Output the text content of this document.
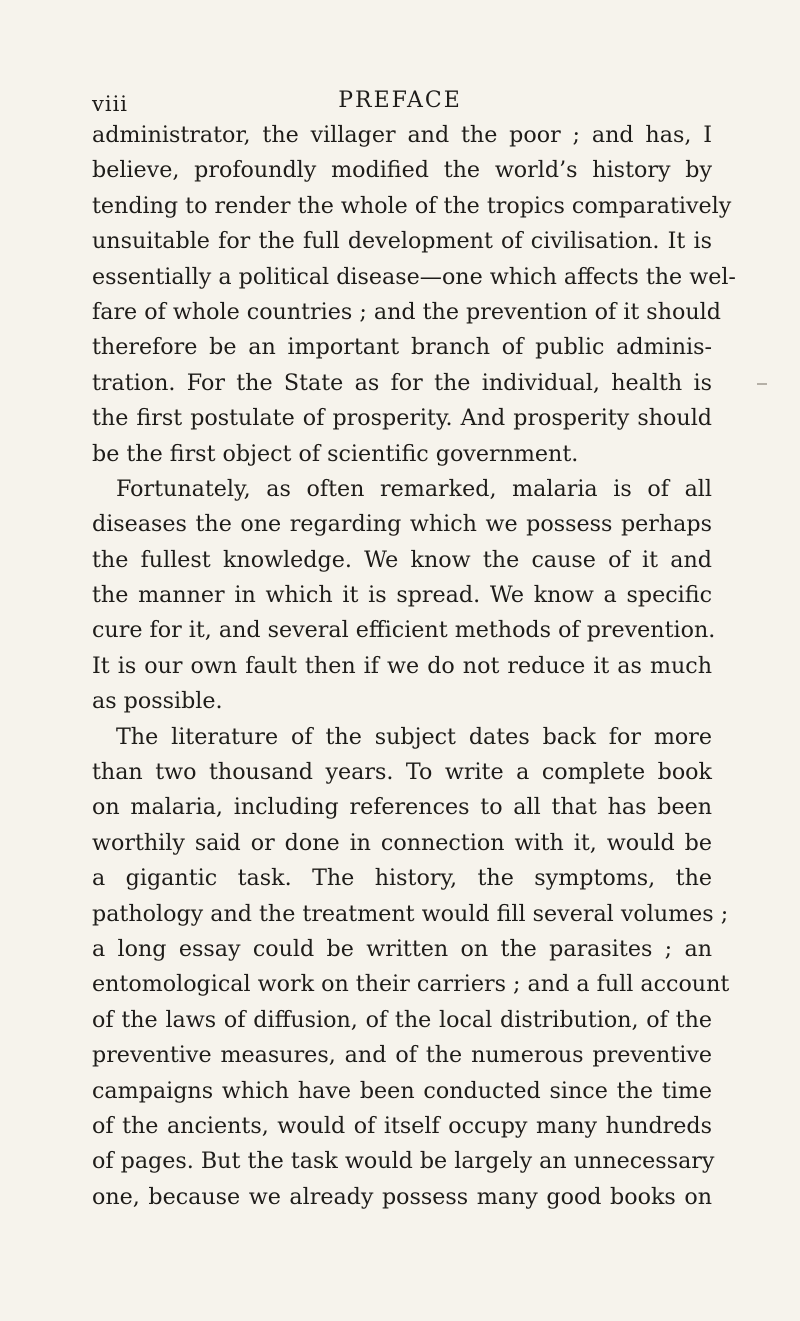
viii	PREFACE
administrator, the villager and the poor ; and has, I
believe, profoundly modified the world’s history by
tending to render the whole of the tropics comparatively
unsuitable for the full development of civilisation. It is
essentially a political disease—one which affects the wel-
fare of whole countries ; and the prevention of it should
therefore be an important branch of public adminis-
tration. For the State as for the individual, health is
the first postulate of prosperity. And prosperity should
be the first object of scientific government.
Fortunately, as often remarked, malaria is of all
diseases the one regarding which we possess perhaps
the fullest knowledge. We know the cause of it and
the manner in which it is spread. We know a specific
cure for it, and several efficient methods of prevention.
It is our own fault then if we do not reduce it as much
as possible.
The literature of the subject dates back for more
than two thousand years. To write a complete book
on malaria, including references to all that has been
worthily said or done in connection with it, would be
a gigantic task. The history, the symptoms, the
pathology and the treatment would fill several volumes ;
a long essay could be written on the parasites ; an
entomological work on their carriers ; and a full account
of the laws of diffusion, of the local distribution, of the
preventive measures, and of the numerous preventive
campaigns which have been conducted since the time
of the ancients, would of itself occupy many hundreds
of pages. But the task would be largely an unnecessary
one, because we already possess many good books on
